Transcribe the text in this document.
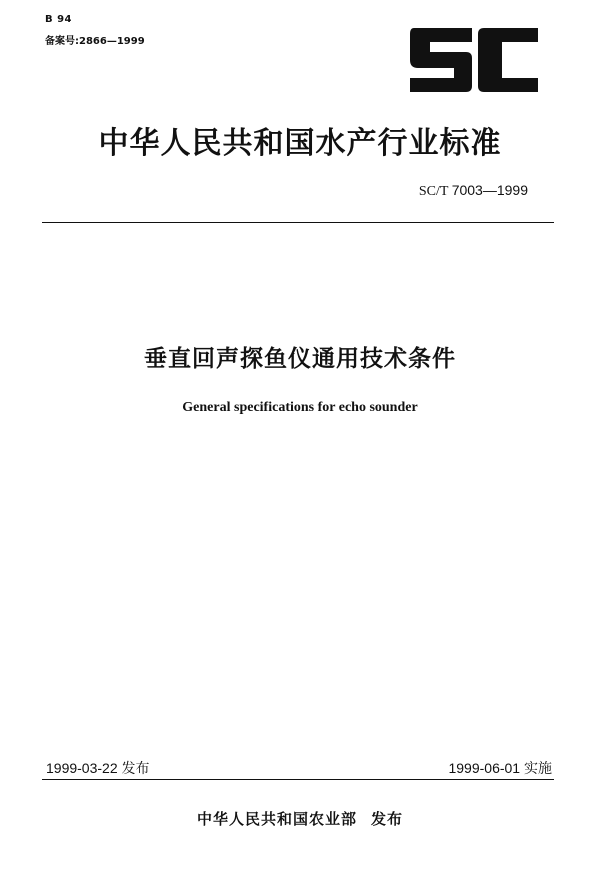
B 94
备案号:2866—1999
中华人民共和国水产行业标准
SC/T 7003—1999
垂直回声探鱼仪通用技术条件
General specifications for echo sounder
1999-03-22 发布	1999-06-01 实施
中华人民共和国农业部 发布
